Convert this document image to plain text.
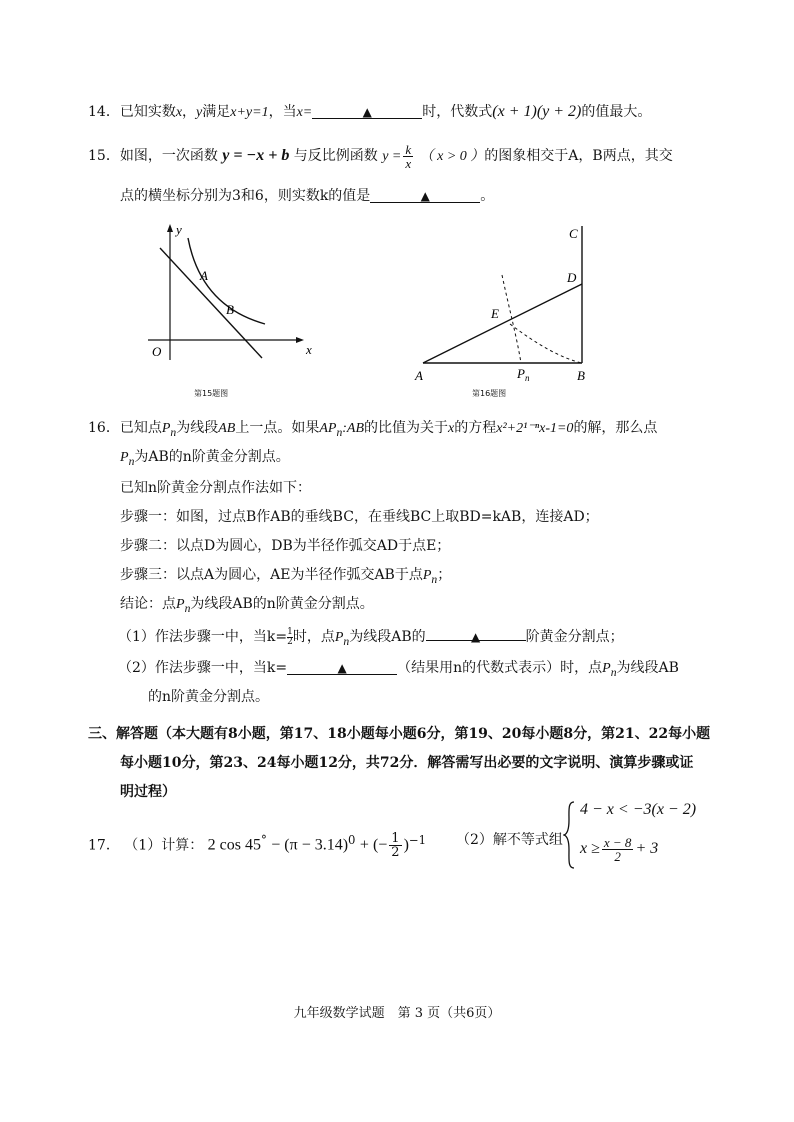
14．已知实数x，y满足x+y=1，当x=	▲	时，代数式(x + 1)(y + 2)的值最大。
15．如图，一次函数 y = −x + b 与反比例函数 $y = \frac{k}{x}$ （ x > 0 ）的图象相交于A，B两点，其交
点的横坐标分别为3和6，则实数k的值是	▲	。
y
x
O
A
B
第15题图
C
D
E
A	$P_n$	B
第16题图
16．已知点$P_n$为线段AB上一点。如果$AP_n:AB$的比值为关于x的方程x²+2¹⁻ⁿx-1=0的解，那么点
$P_n$为AB的n阶黄金分割点。
已知n阶黄金分割点作法如下：
步骤一：如图，过点B作AB的垂线BC，在垂线BC上取BD=kAB，连接AD；
步骤二：以点D为圆心，DB为半径作弧交AD于点E；
步骤三：以点A为圆心，AE为半径作弧交AB于点$P_n$；
结论：点$P_n$为线段AB的n阶黄金分割点。
（1）作法步骤一中，当$k= \frac{1}{2}$时，点$P_n$为线段AB的	▲	阶黄金分割点；
（2）作法步骤一中，当k=	▲	（结果用n的代数式表示）时，点$P_n$为线段AB
的n阶黄金分割点。
三、解答题（本大题有8小题，第17、18小题每小题6分，第19、20每小题8分，第21、22每小题
每小题10分，第23、24每小题12分，共72分．解答需写出必要的文字说明、演算步骤或证
明过程）
17． （1）计算： 2 $\cos 45^\circ - (\pi - 3.14)^0$ + (− $\frac{1}{2} )^{-1}$ （2）解不等式组
4 − x < −3(x − 2)
$x \ge \frac{x - 8}{2} + 3$
九年级数学试题　第 3 页（共6页）
